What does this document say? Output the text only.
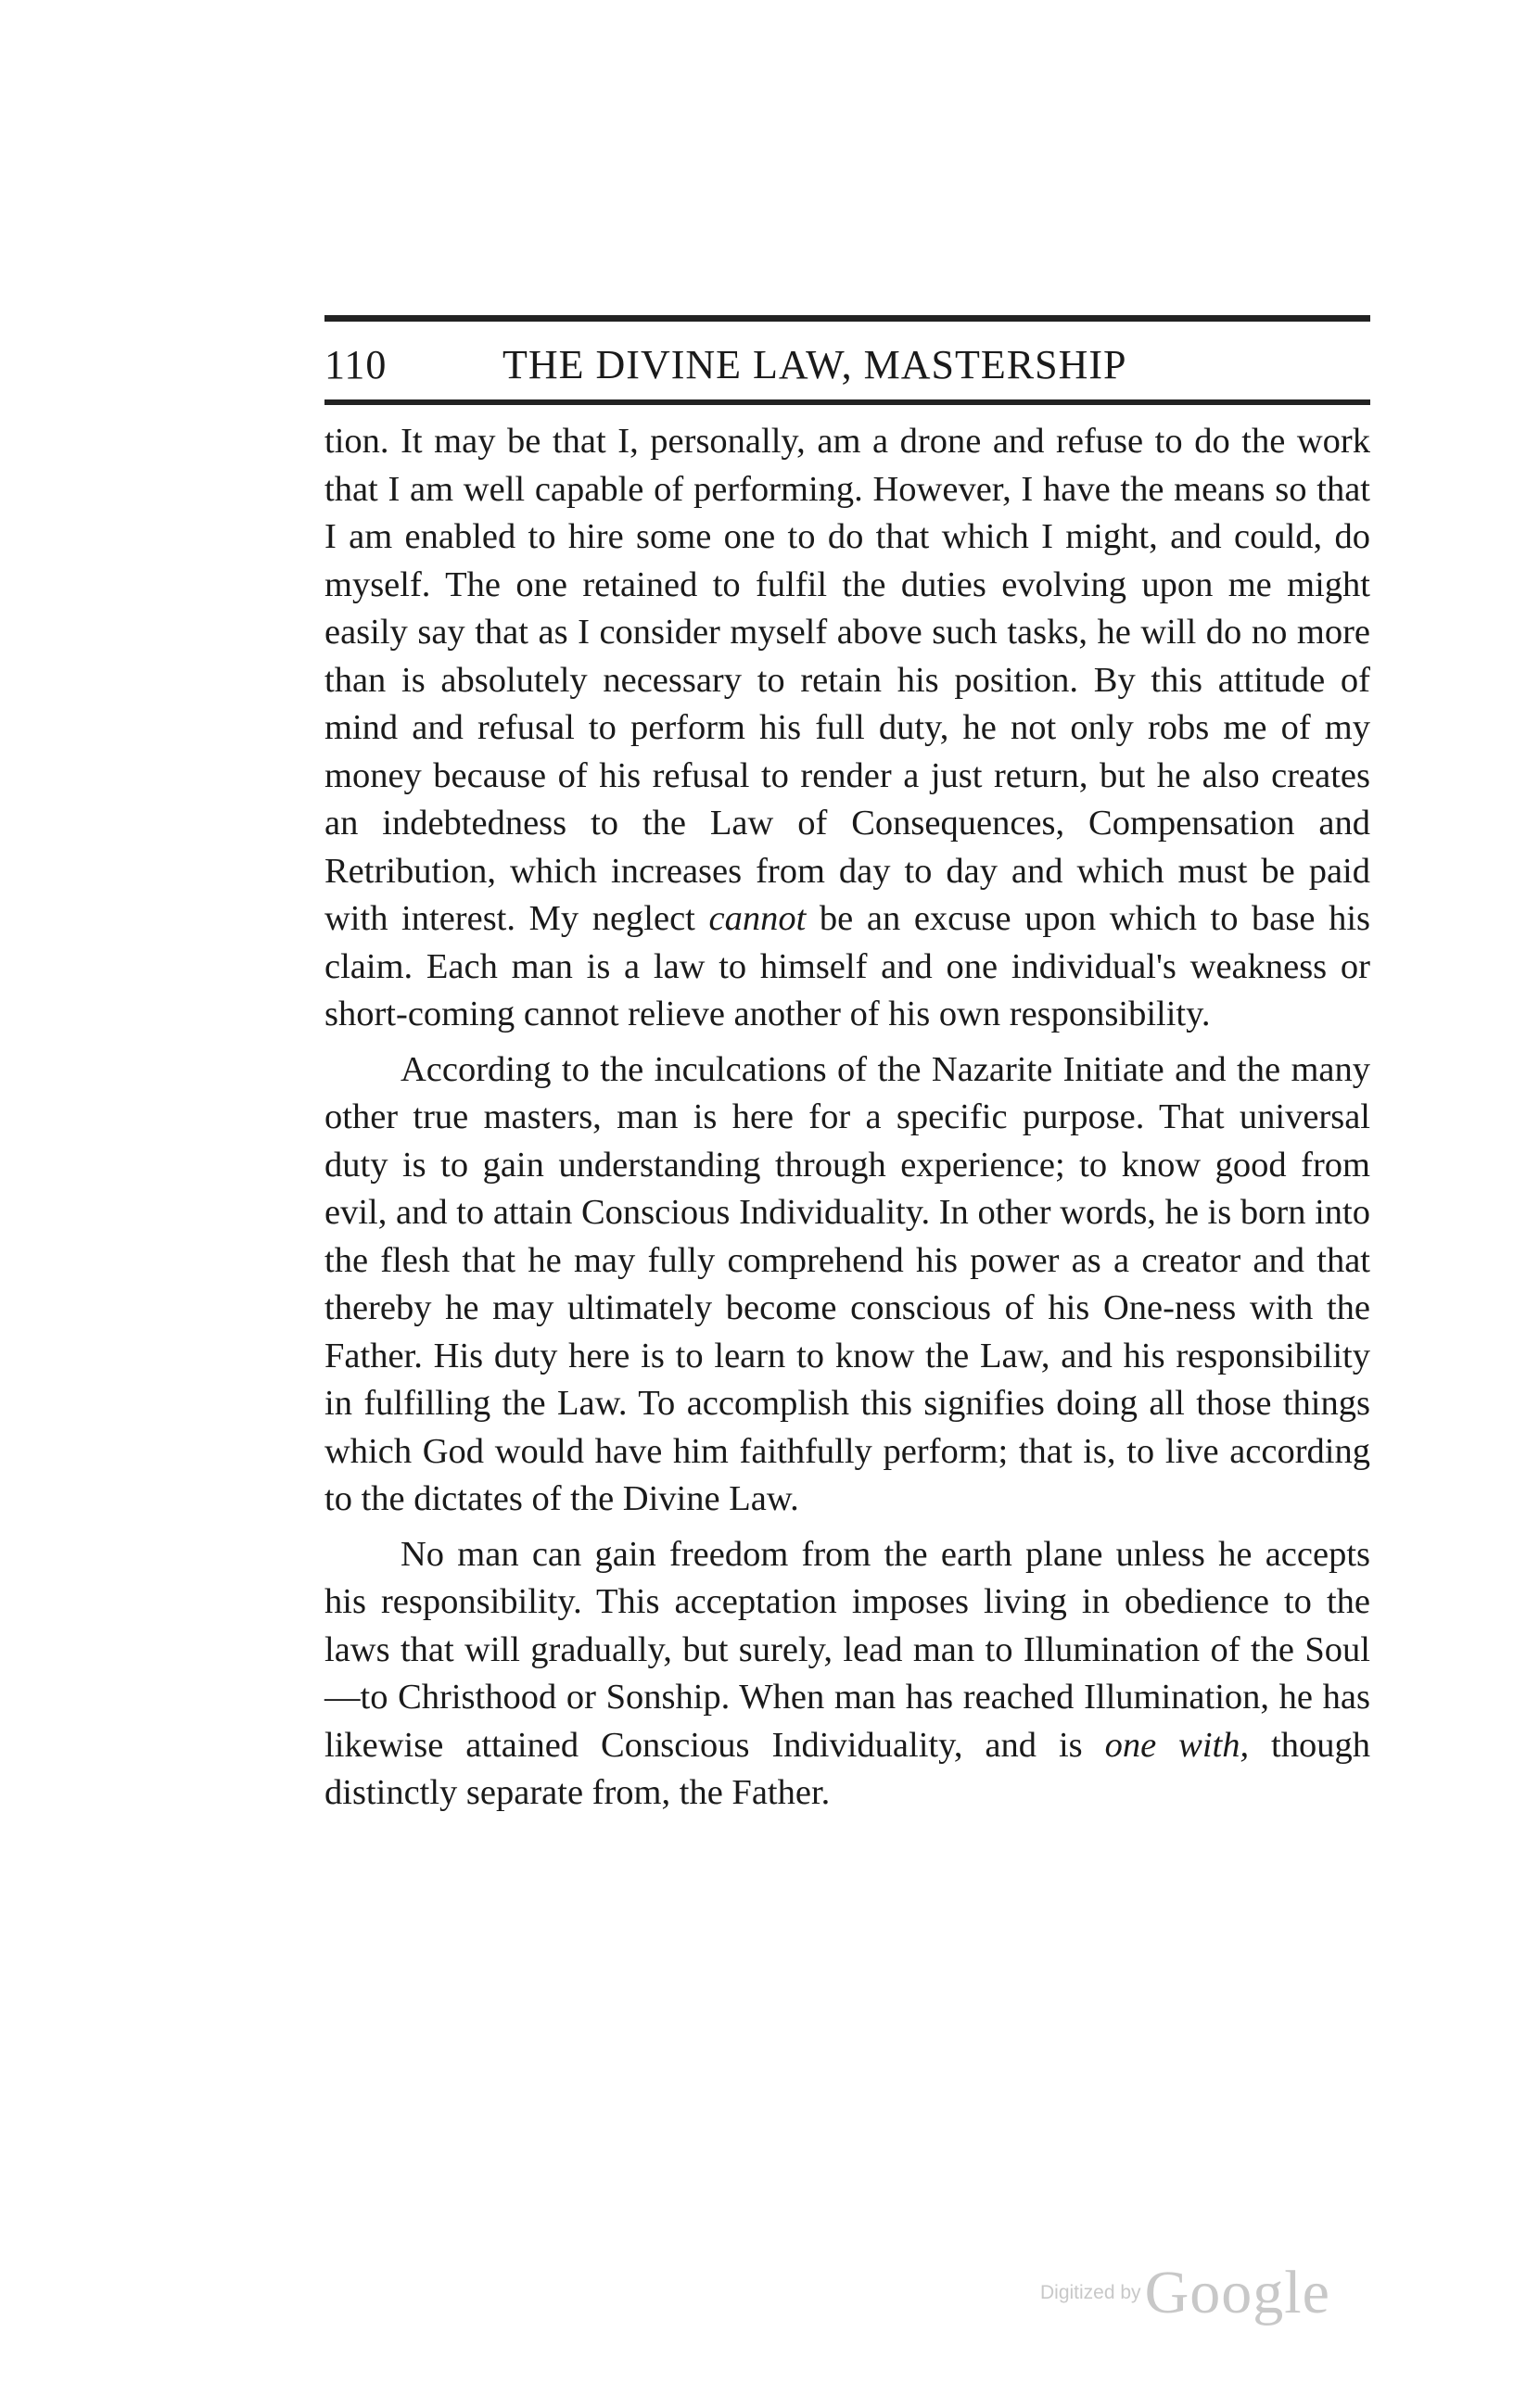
110	THE DIVINE LAW, MASTERSHIP

tion. It may be that I, personally, am a drone and refuse to do the work that I am well capable of performing. However, I have the means so that I am enabled to hire some one to do that which I might, and could, do myself. The one retained to fulfil the duties evolving upon me might easily say that as I consider myself above such tasks, he will do no more than is absolutely necessary to retain his position. By this attitude of mind and refusal to perform his full duty, he not only robs me of my money because of his refusal to render a just return, but he also creates an indebtedness to the Law of Consequences, Compensation and Retribution, which increases from day to day and which must be paid with interest. My neglect cannot be an excuse upon which to base his claim. Each man is a law to himself and one individual's weakness or short-coming cannot relieve another of his own responsibility.

According to the inculcations of the Nazarite Initiate and the many other true masters, man is here for a specific purpose. That universal duty is to gain understanding through experience; to know good from evil, and to attain Conscious Individuality. In other words, he is born into the flesh that he may fully comprehend his power as a creator and that thereby he may ultimately become conscious of his One-ness with the Father. His duty here is to learn to know the Law, and his responsibility in fulfilling the Law. To accomplish this signifies doing all those things which God would have him faithfully perform; that is, to live according to the dictates of the Divine Law.

No man can gain freedom from the earth plane unless he accepts his responsibility. This acceptation imposes living in obedience to the laws that will gradually, but surely, lead man to Illumination of the Soul—to Christhood or Sonship. When man has reached Illumination, he has likewise attained Conscious Individuality, and is one with, though distinctly separate from, the Father.

Digitized by Google
